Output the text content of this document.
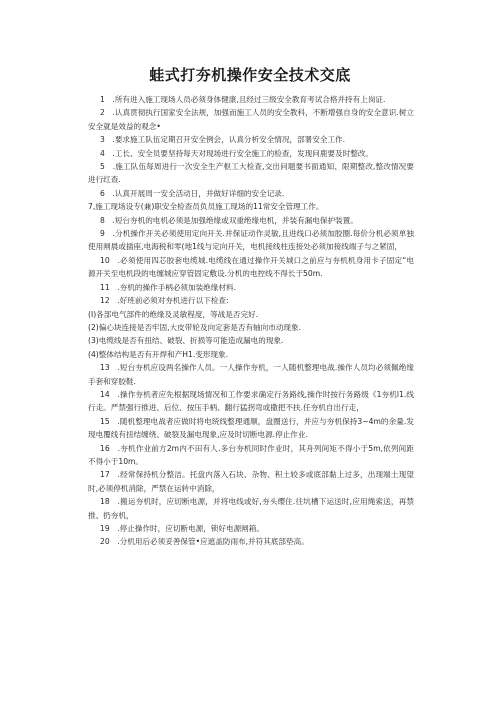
蛙式打夯机操作安全技术交底

1　.所有进入施工现场人员必须身体健康,且经过三级安全教育考试合格并持有上岗证.

2　.认真贯彻执行国家安全法规，加强而施工人员的安全教科，不断增强自身的安全意识.树立安全就是效益的观念•

3　.要求施工队伍定期召开安全例会，认真分析安全情况，部署安全工作.

4　.工长、安全员要坚持每天对现场进行安全施工的检查，发现问鹿要及时整改。

5　.施工队伍每周进行一次安全生产枢工大检查,交出问题要书面通知、限期整改,整改情况要进行红查.

6　.认真开展周一安全活动日，并做好详细的安全记录.

7,施工现场设专(兼)职安全检查员负员施工现场的11常安全管理工作。

8　.短台夯机的电机必须是加强绝缘或双重绝缘电机，并装有漏电保护装置。

9　.分机操作开关必须使用定向开关.并保证动作灵敏,且进线口必须加胶圈.每价分机必须单独使用闸晨或插座,电海税和零(地1线与定向开关，电机接线柱连接处必须加接线端子与之紧固，

10　.必须使用四芯胶套电缆城.电缆线在通过操作开关城口之前应与夯机机身用卡子固定“电源开关至电机段的电缠城应穿管固定敷设.分机的电控线不得长于50m.

11　.夯机的操作手柄必须加装绝缘材料.

12　.好班前必须对夯机进行以下检查:

(I)各部电气部件的绝缘及灵敏程度，等战是否完好.

(2)偏心块连接是否牢固,大皮带轮及向定套是否有轴向市动现象.

(3)电缆线是否有扭结、破裂、折损等可能造成漏电的现象.

(4)整体结构是否有开焊和产H1.变形现象.

13　.短台夯机应设两名操作人员。一人操作夯机，一人随机整理电战.操作人员均必须佩绝缘手套和穿胶鞋.

14　.操作夯机者应先根据现场情况和工作要求确定行务路线,操作时按行务路级《1夯机l1.线行走。严禁强行推进、后位、按压手柄、翻行猛拐弯或撒把不扶.任夯机自出行走，

15　.随机整理电战者应做时将电统线整理通顺，盘圈送行，并应与夯机保持3~4m的余量.发现电覆线有扭结缠绕、破裂及漏电现象,应及时切断电源.停止作业.

16　.夯机作业前方2m内不田有人.多台夯机同时作业时，其舟列间矩不得小于5m,依列间距不得小于10m。

17　.经常保持机分整洁。托盘内落入石块、杂物、积土较多或底部黏上过多，出现端土现望时,必须停机消除，严禁在运转中消除，

18　.搬运夯机时，应切断电源，并将电线或好,夯头缨住.往坑槽下运送时,应用绳索送，再禁推、扔夯机，

19　.停止操作时，应切断电源，锁好电源闸箱。

20　.分机用后必须妥善保管•应遮盖防雨布,并符其底部垫高。
